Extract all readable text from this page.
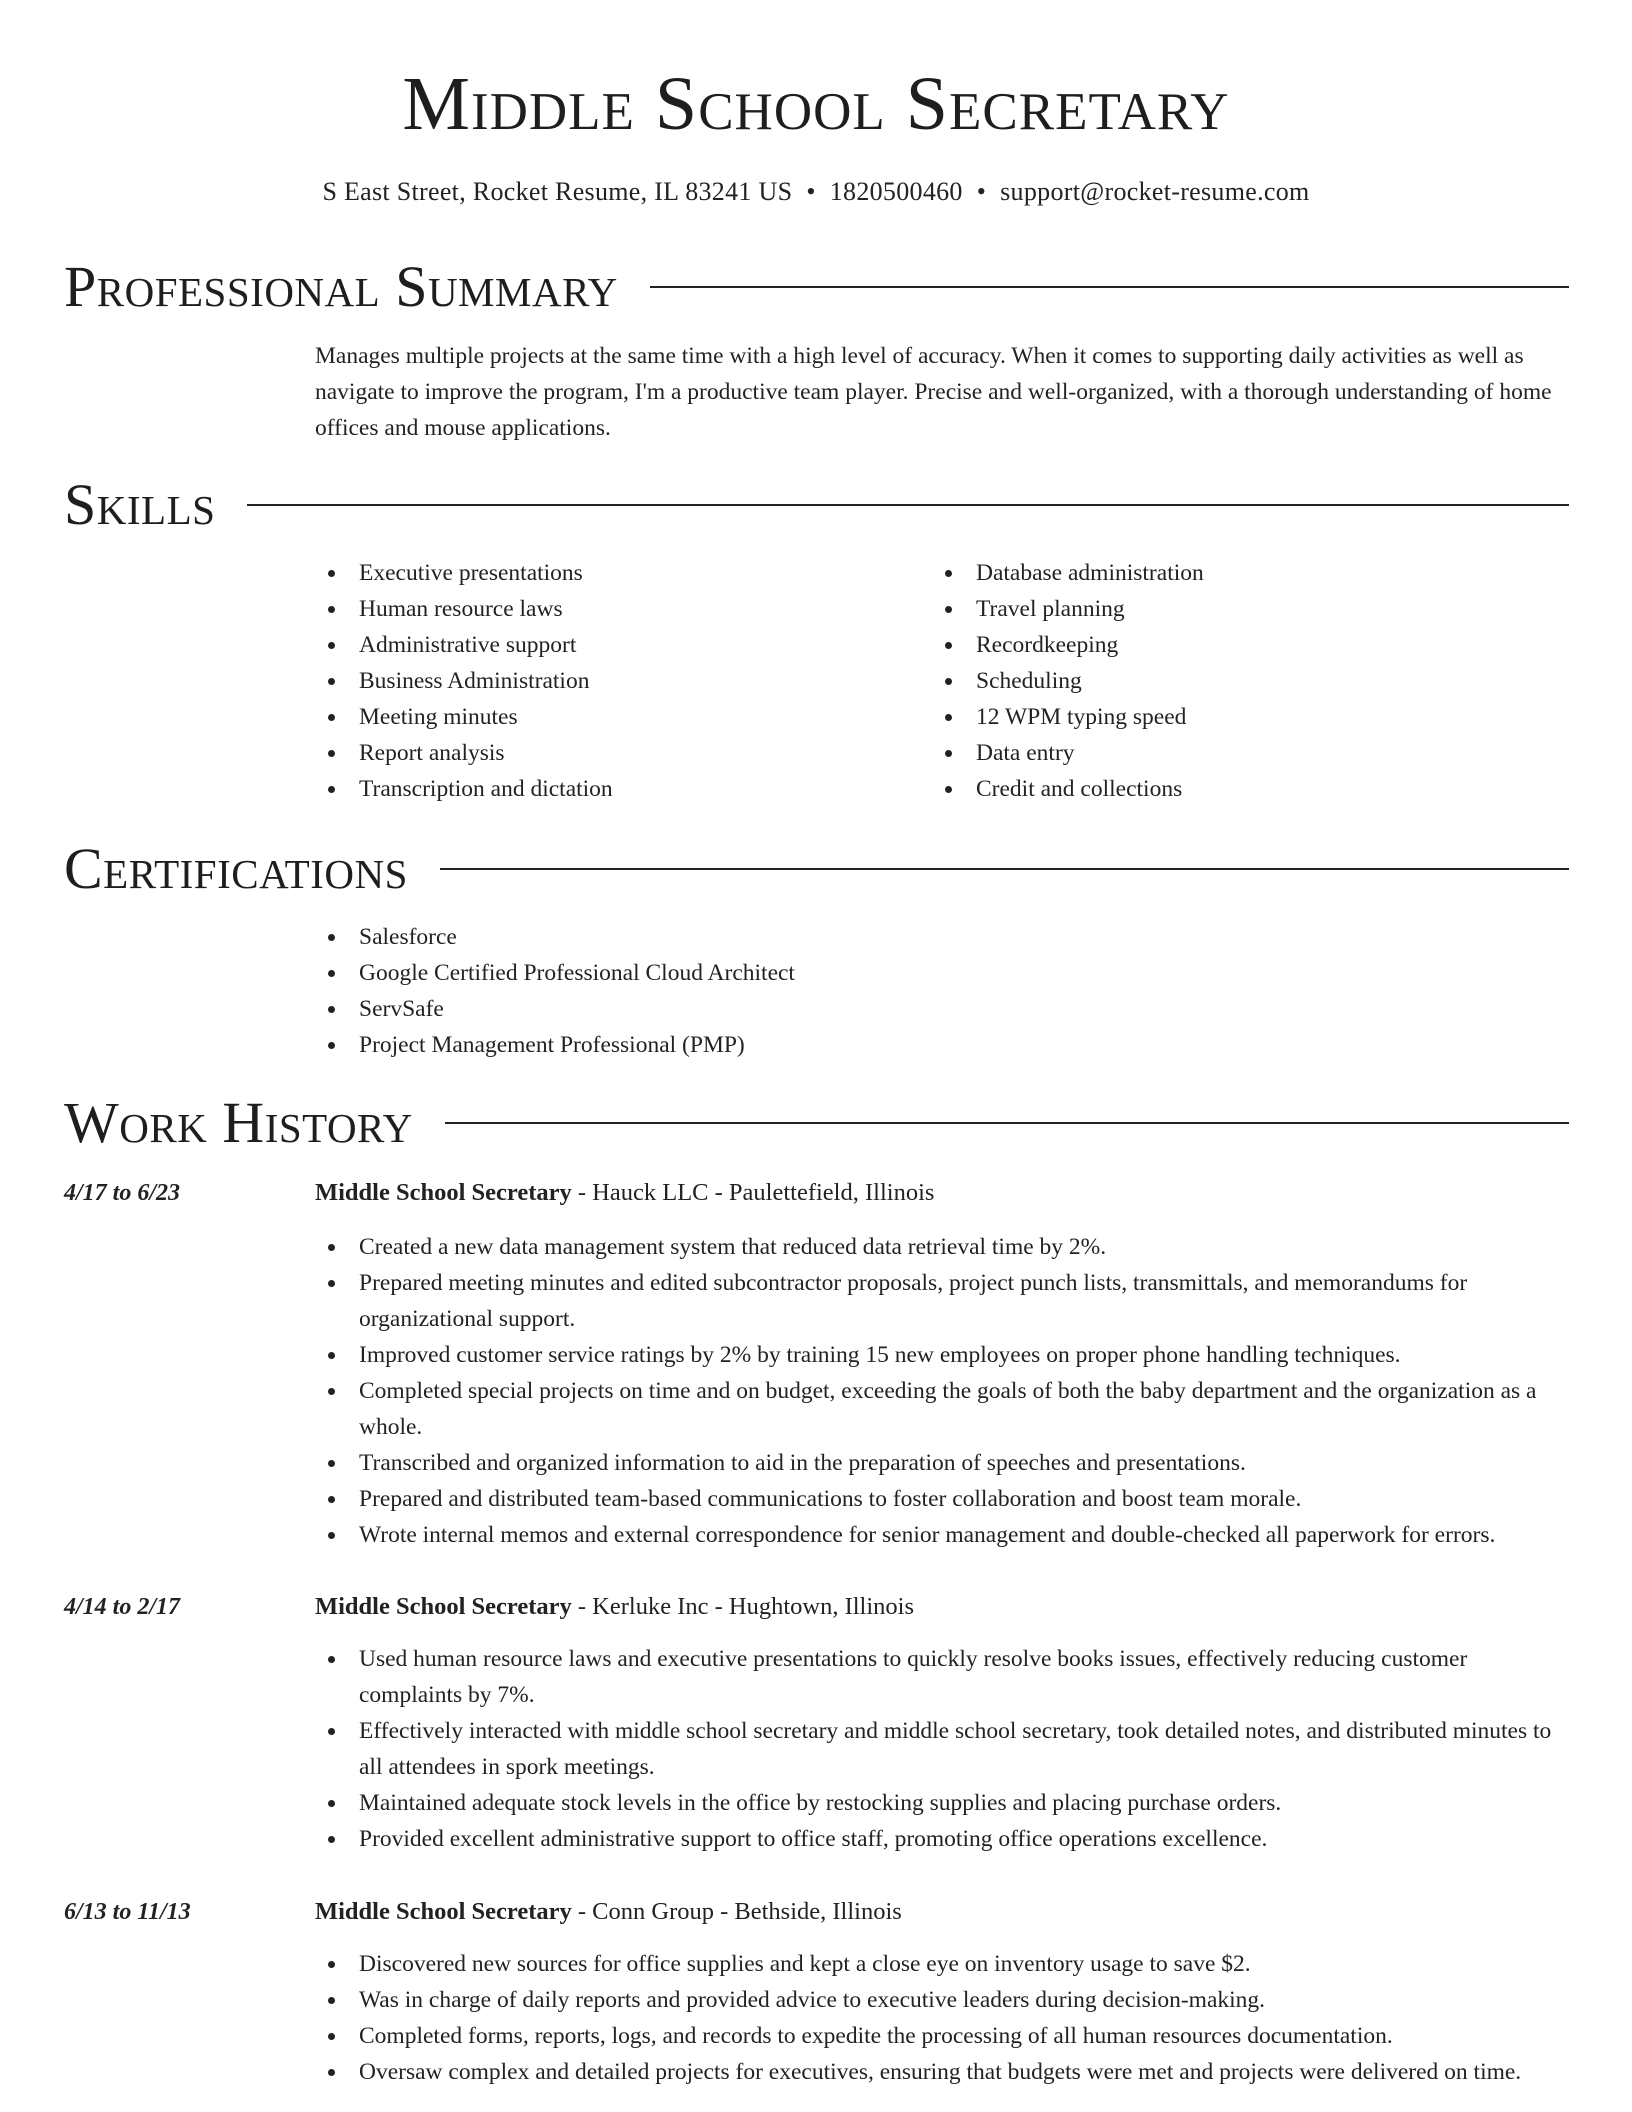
Middle School Secretary
S East Street, Rocket Resume, IL 83241 US • 1820500460 • support@rocket-resume.com
Professional Summary

Manages multiple projects at the same time with a high level of accuracy. When it comes to supporting daily activities as well as navigate to improve the program, I'm a productive team player. Precise and well-organized, with a thorough understanding of home offices and mouse applications.

Skills
Executive presentations
Human resource laws
Administrative support
Business Administration
Meeting minutes
Report analysis
Transcription and dictation
Database administration
Travel planning
Recordkeeping
Scheduling
12 WPM typing speed
Data entry
Credit and collections
Certifications
Salesforce
Google Certified Professional Cloud Architect
ServSafe
Project Management Professional (PMP)
Work History
4/17 to 6/23	Middle School Secretary - Hauck LLC - Paulettefield, Illinois
Created a new data management system that reduced data retrieval time by 2%.
Prepared meeting minutes and edited subcontractor proposals, project punch lists, transmittals, and memorandums for organizational support.
Improved customer service ratings by 2% by training 15 new employees on proper phone handling techniques.
Completed special projects on time and on budget, exceeding the goals of both the baby department and the organization as a whole.
Transcribed and organized information to aid in the preparation of speeches and presentations.
Prepared and distributed team-based communications to foster collaboration and boost team morale.
Wrote internal memos and external correspondence for senior management and double-checked all paperwork for errors.
4/14 to 2/17	Middle School Secretary - Kerluke Inc - Hughtown, Illinois
Used human resource laws and executive presentations to quickly resolve books issues, effectively reducing customer complaints by 7%.
Effectively interacted with middle school secretary and middle school secretary, took detailed notes, and distributed minutes to all attendees in spork meetings.
Maintained adequate stock levels in the office by restocking supplies and placing purchase orders.
Provided excellent administrative support to office staff, promoting office operations excellence.
6/13 to 11/13	Middle School Secretary - Conn Group - Bethside, Illinois
Discovered new sources for office supplies and kept a close eye on inventory usage to save $2.
Was in charge of daily reports and provided advice to executive leaders during decision-making.
Completed forms, reports, logs, and records to expedite the processing of all human resources documentation.
Oversaw complex and detailed projects for executives, ensuring that budgets were met and projects were delivered on time.
